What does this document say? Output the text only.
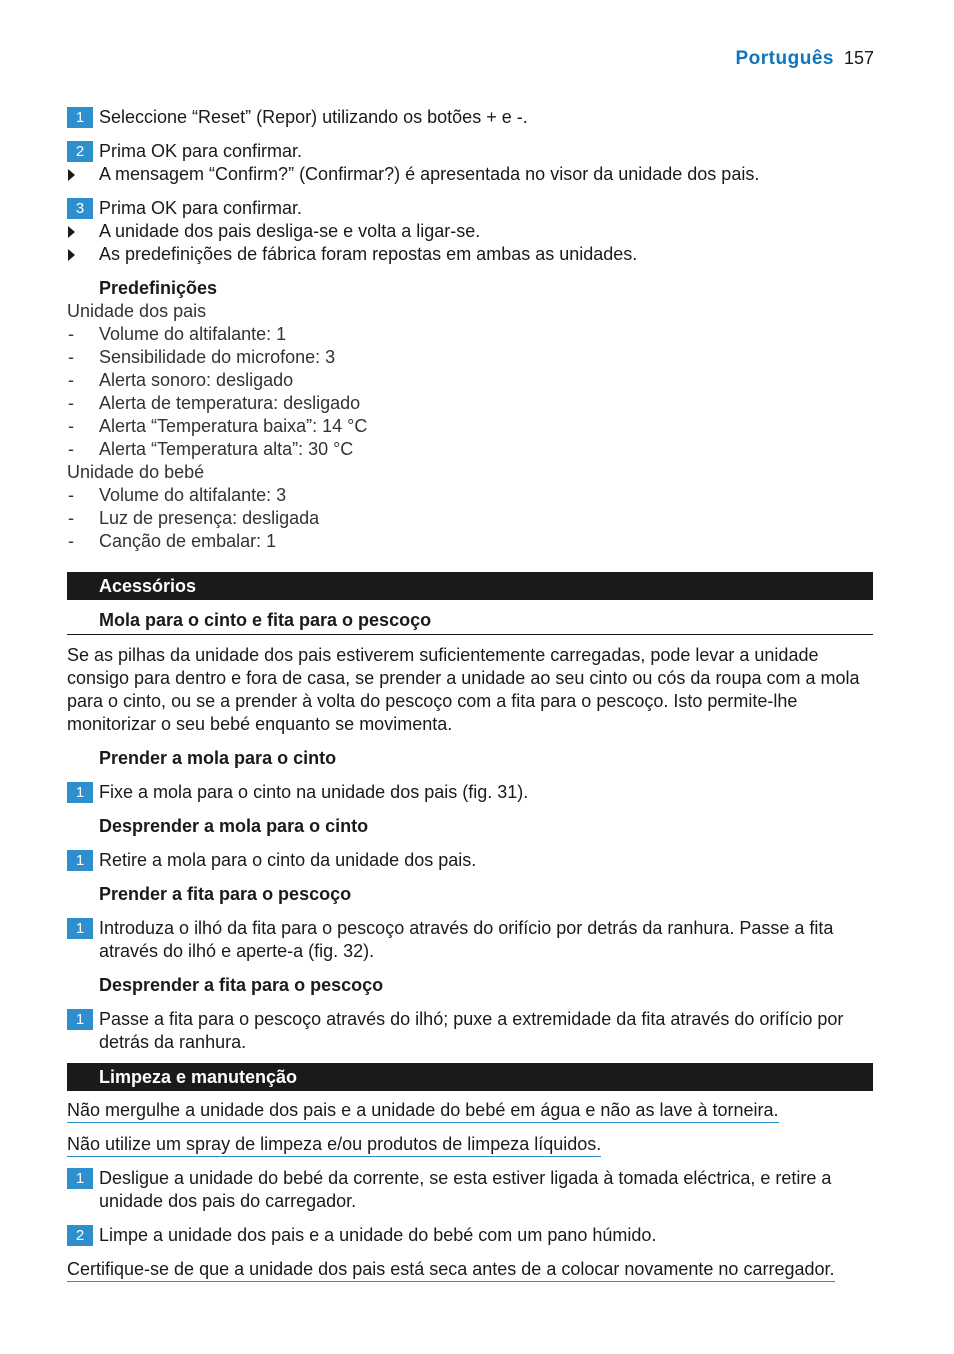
Português 157
1 Seleccione “Reset” (Repor) utilizando os botões + e -.
2 Prima OK para confirmar.
A mensagem “Confirm?” (Confirmar?) é apresentada no visor da unidade dos pais.
3 Prima OK para confirmar.
A unidade dos pais desliga-se e volta a ligar-se.
As predefinições de fábrica foram repostas em ambas as unidades.
Predefinições
Unidade dos pais
- Volume do altifalante: 1
- Sensibilidade do microfone: 3
- Alerta sonoro: desligado
- Alerta de temperatura: desligado
- Alerta “Temperatura baixa”: 14 °C
- Alerta “Temperatura alta”: 30 °C
Unidade do bebé
- Volume do altifalante: 3
- Luz de presença: desligada
- Canção de embalar: 1
Acessórios
Mola para o cinto e fita para o pescoço
Se as pilhas da unidade dos pais estiverem suficientemente carregadas, pode levar a unidade consigo para dentro e fora de casa, se prender a unidade ao seu cinto ou cós da roupa com a mola para o cinto, ou se a prender à volta do pescoço com a fita para o pescoço. Isto permite-lhe monitorizar o seu bebé enquanto se movimenta.
Prender a mola para o cinto
1 Fixe a mola para o cinto na unidade dos pais (fig. 31).
Desprender a mola para o cinto
1 Retire a mola para o cinto da unidade dos pais.
Prender a fita para o pescoço
1 Introduza o ilhó da fita para o pescoço através do orifício por detrás da ranhura. Passe a fita através do ilhó e aperte-a (fig. 32).
Desprender a fita para o pescoço
1 Passe a fita para o pescoço através do ilhó; puxe a extremidade da fita através do orifício por detrás da ranhura.
Limpeza e manutenção
Não mergulhe a unidade dos pais e a unidade do bebé em água e não as lave à torneira.
Não utilize um spray de limpeza e/ou produtos de limpeza líquidos.
1 Desligue a unidade do bebé da corrente, se esta estiver ligada à tomada eléctrica, e retire a unidade dos pais do carregador.
2 Limpe a unidade dos pais e a unidade do bebé com um pano húmido.
Certifique-se de que a unidade dos pais está seca antes de a colocar novamente no carregador.
